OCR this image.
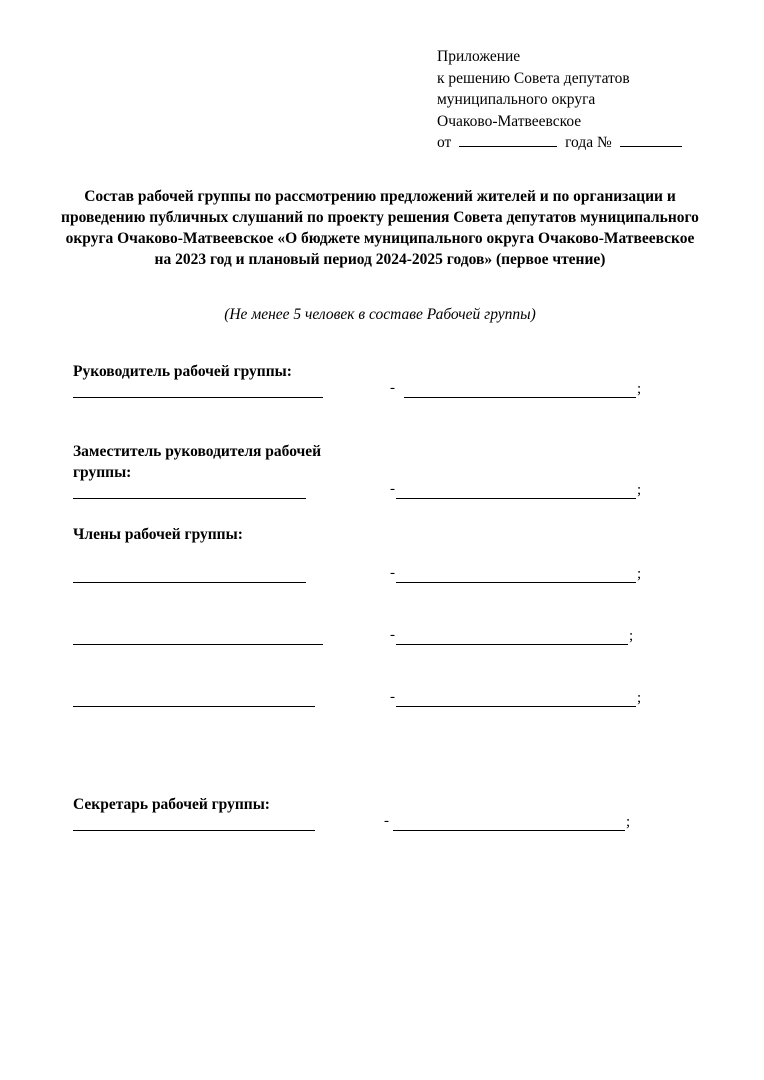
Приложение
к решению Совета депутатов
муниципального округа
Очаково-Матвеевское
от	года №
Состав рабочей группы по рассмотрению предложений жителей и по организации и проведению публичных слушаний по проекту решения Совета депутатов муниципального округа Очаково-Матвеевское «О бюджете муниципального округа Очаково-Матвеевское на 2023 год и плановый период 2024-2025 годов» (первое чтение)
(Не менее 5 человек в составе Рабочей группы)
Руководитель рабочей группы:
-	;
Заместитель руководителя рабочей группы:
-	;
Члены рабочей группы:
-	;
-	;
-	;
Секретарь рабочей группы:
-	;
